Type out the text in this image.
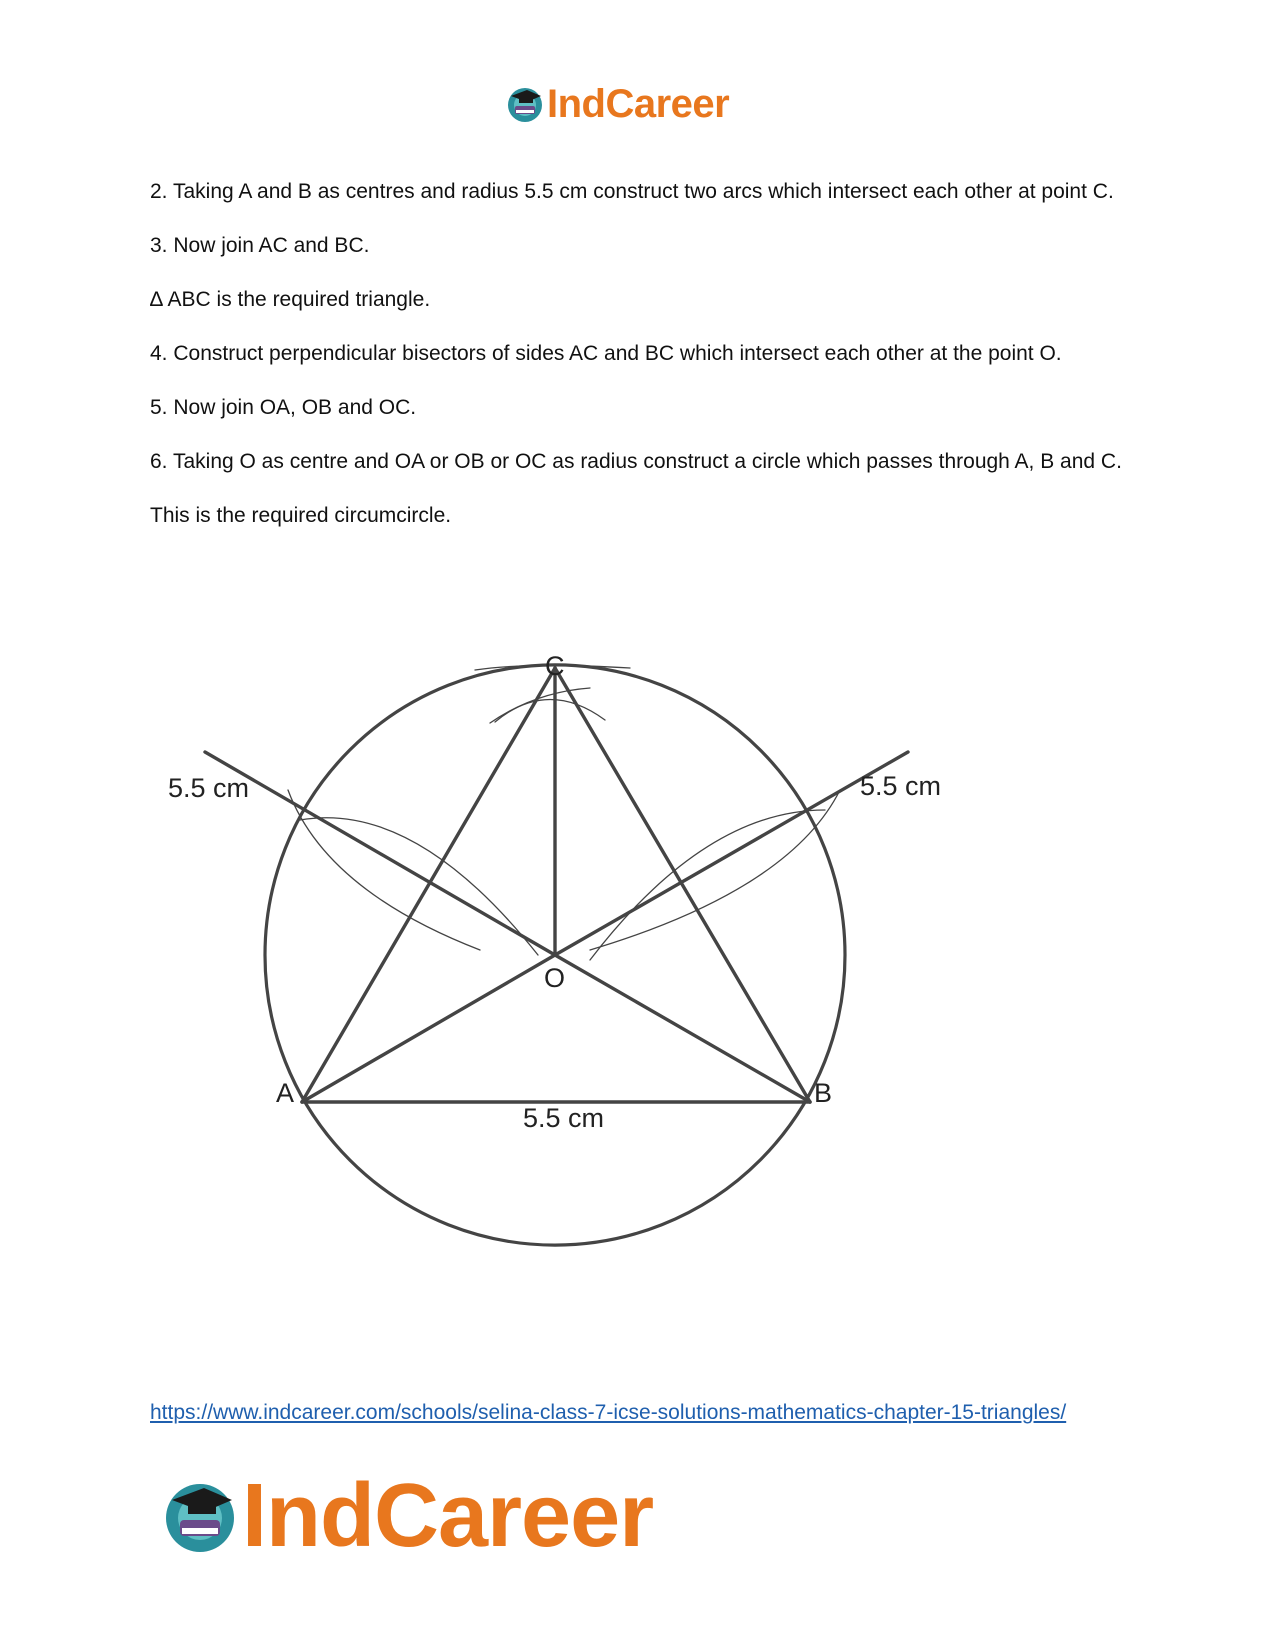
IndCareer

2. Taking A and B as centres and radius 5.5 cm construct two arcs which intersect each other at point C.

3. Now join AC and BC.

∆ ABC is the required triangle.

4. Construct perpendicular bisectors of sides AC and BC which intersect each other at the point O.

5. Now join OA, OB and OC.

6. Taking O as centre and OA or OB or OC as radius construct a circle which passes through A, B and C.

This is the required circumcircle.

C
O
A	B
5.5 cm
5.5 cm	5.5 cm
https://www.indcareer.com/schools/selina-class-7-icse-solutions-mathematics-chapter-15-triangles/
IndCareer
